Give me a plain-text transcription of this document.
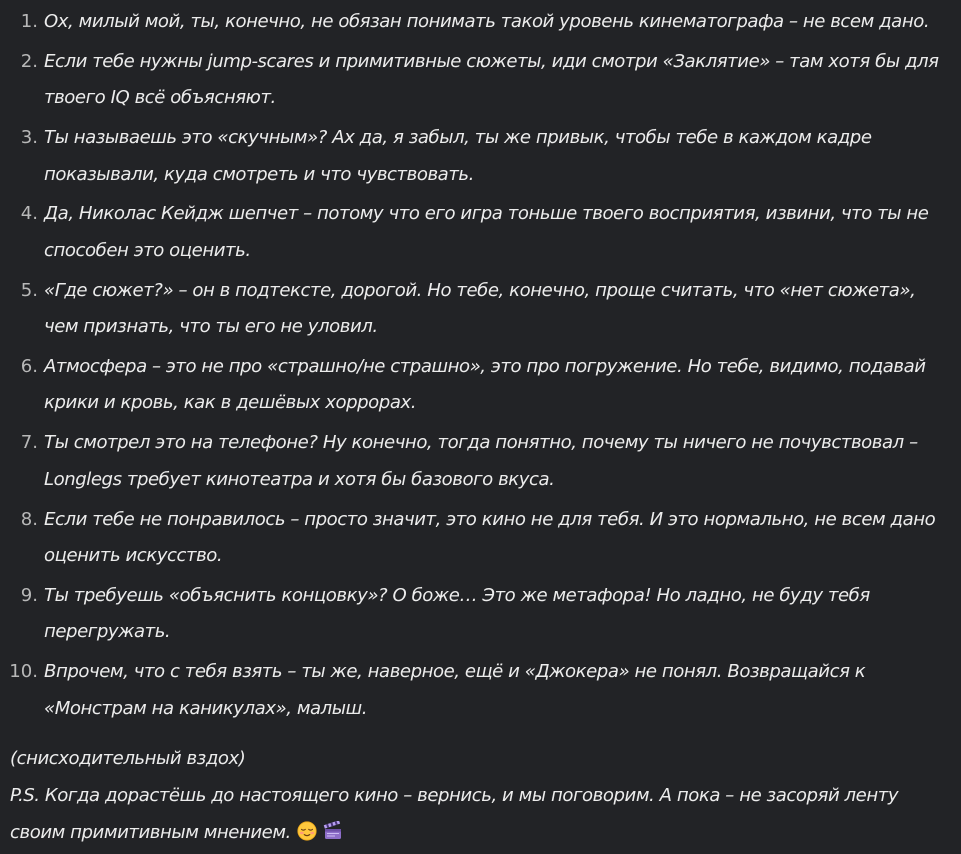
1. Ох, милый мой, ты, конечно, не обязан понимать такой уровень кинематографа – не всем дано.
2. Если тебе нужны jump-scares и примитивные сюжеты, иди смотри «Заклятие» – там хотя бы для твоего IQ всё объясняют.
3. Ты называешь это «скучным»? Ах да, я забыл, ты же привык, чтобы тебе в каждом кадре показывали, куда смотреть и что чувствовать.
4. Да, Николас Кейдж шепчет – потому что его игра тоньше твоего восприятия, извини, что ты не способен это оценить.
5. «Где сюжет?» – он в подтексте, дорогой. Но тебе, конечно, проще считать, что «нет сюжета», чем признать, что ты его не уловил.
6. Атмосфера – это не про «страшно/не страшно», это про погружение. Но тебе, видимо, подавай крики и кровь, как в дешёвых хоррорах.
7. Ты смотрел это на телефоне? Ну конечно, тогда понятно, почему ты ничего не почувствовал – Longlegs требует кинотеатра и хотя бы базового вкуса.
8. Если тебе не понравилось – просто значит, это кино не для тебя. И это нормально, не всем дано оценить искусство.
9. Ты требуешь «объяснить концовку»? О боже… Это же метафора! Но ладно, не буду тебя перегружать.
10. Впрочем, что с тебя взять – ты же, наверное, ещё и «Джокера» не понял. Возвращайся к «Монстрам на каникулах», малыш.
(снисходительный вздох)
P.S. Когда дорастёшь до настоящего кино – вернись, и мы поговорим. А пока – не засоряй ленту своим примитивным мнением.
